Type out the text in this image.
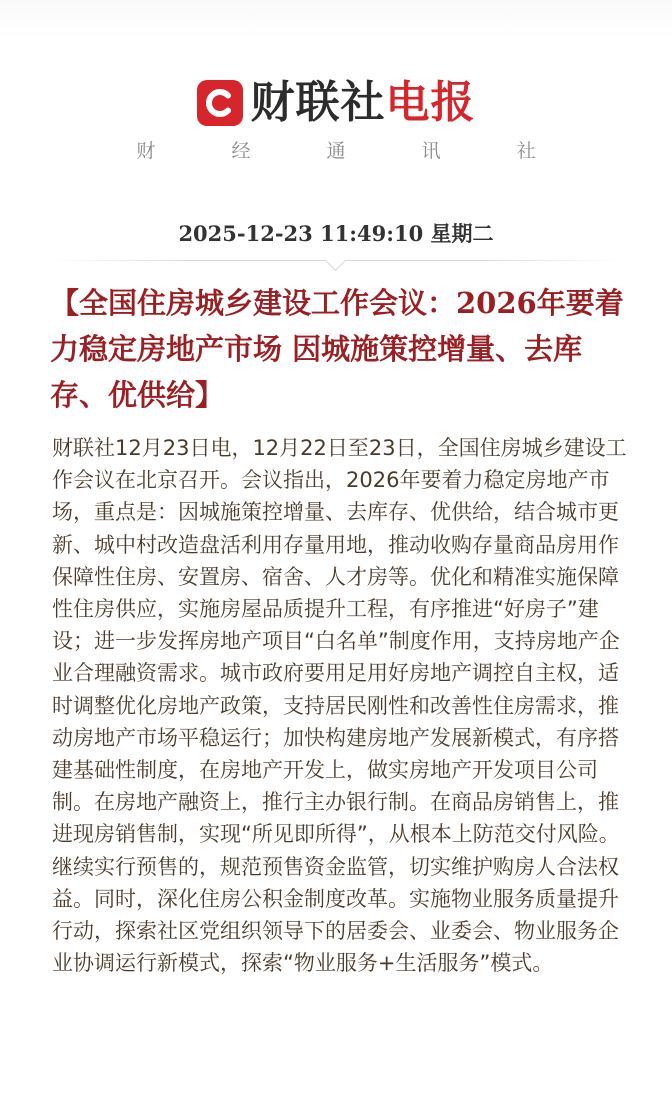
财联社电报
财 经 通 讯 社
2025-12-23 11:49:10 星期二
【全国住房城乡建设工作会议：2026年要着力稳定房地产市场 因城施策控增量、去库存、优供给】

财联社12月23日电，12月22日至23日，全国住房城乡建设工作会议在北京召开。会议指出，2026年要着力稳定房地产市场，重点是：因城施策控增量、去库存、优供给，结合城市更新、城中村改造盘活利用存量用地，推动收购存量商品房用作保障性住房、安置房、宿舍、人才房等。优化和精准实施保障性住房供应，实施房屋品质提升工程，有序推进“好房子”建设；进一步发挥房地产项目“白名单”制度作用，支持房地产企业合理融资需求。城市政府要用足用好房地产调控自主权，适时调整优化房地产政策，支持居民刚性和改善性住房需求，推动房地产市场平稳运行；加快构建房地产发展新模式，有序搭建基础性制度，在房地产开发上，做实房地产开发项目公司制。在房地产融资上，推行主办银行制。在商品房销售上，推进现房销售制，实现“所见即所得”，从根本上防范交付风险。继续实行预售的，规范预售资金监管，切实维护购房人合法权益。同时，深化住房公积金制度改革。实施物业服务质量提升行动，探索社区党组织领导下的居委会、业委会、物业服务企业协调运行新模式，探索“物业服务+生活服务”模式。
